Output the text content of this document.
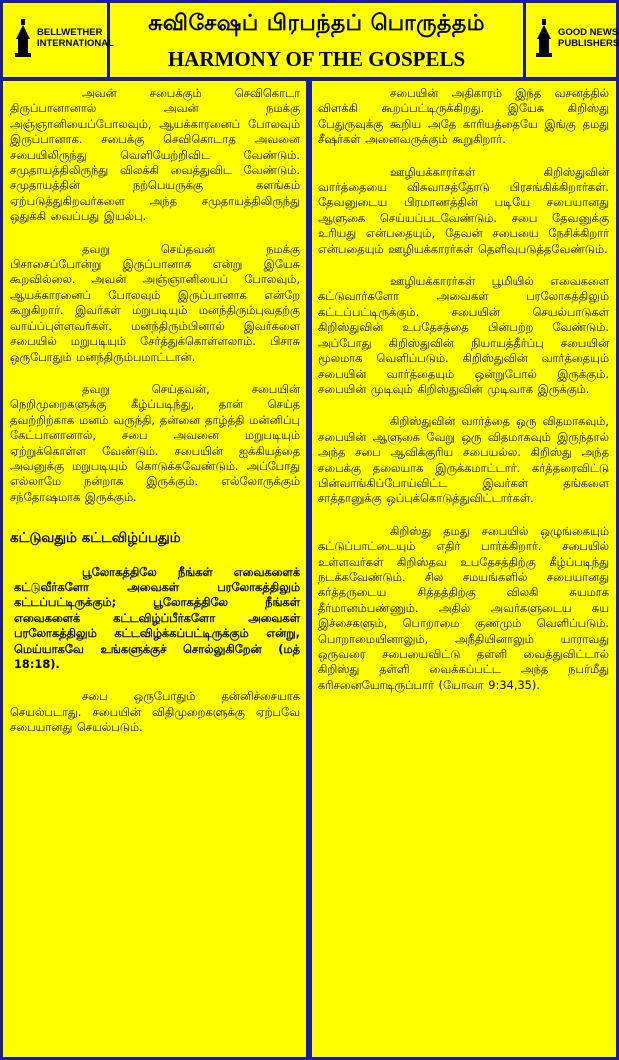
BELLWETHER
INTERNATIONAL
சுவிசேஷப் பிரபந்தப் பொருத்தம்
HARMONY OF THE GOSPELS
GOOD NEWS
PUBLISHERS

அவன் சபைக்கும் செவிகொடா திருப்பானானால் அவன் நமக்கு அஞ்ஞானியைப்போலவும், ஆயக்காரனைப் போலவும் இருப்பானாக. சபைக்கு செவிகொடாத அவனை சபையிலிருந்து வெளியேற்றிவிட வேண்டும். சமுதாயத்திலிருந்து விலக்கி வைத்துவிட வேண்டும். சமுதாயத்தின் நற்பெயருக்கு களங்கம் ஏற்படுத்துகிறவர்களை அந்த சமுதாயத்திலிருந்து ஒதுக்கி வைப்பது இயல்பு.

தவறு செய்தவன் நமக்கு பிசாசைப்போன்று இருப்பானாக என்று இயேசு கூறவில்லை. அவன் அஞ்ஞானியைப் போலவும், ஆயக்காரனைப் போலவும் இருப்பானாக என்றே கூறுகிறார். இவர்கள் மறுபடியும் மனந்திரும்புவதற்கு வாய்ப்புள்ளவர்கள். மனந்திரும்பினால் இவர்களை சபையில் மறுபடியும் சேர்த்துக்கொள்ளலாம். பிசாசு ஒருபோதும் மனந்திரும்பமாட்டான்.

தவறு செய்தவன், சபையின் நெறிமுறைகளுக்கு கீழ்ப்படிந்து, தான் செய்த தவற்றிற்காக மனம் வருந்தி, தன்னை தாழ்த்தி மன்னிப்பு கேட்பானானால், சபை அவனை மறுபடியும் ஏற்றுக்கொள்ள வேண்டும். சபையின் ஐக்கியத்தை அவனுக்கு மறுபடியும் கொடுக்கவேண்டும். அப்போது எல்லாமே நன்றாக இருக்கும். எல்லோருக்கும் சந்தோஷமாக இருக்கும்.

கட்டுவதும் கட்டவிழ்ப்பதும்

பூலோகத்திலே நீங்கள் எவைகளைக் கட்டுவீர்களோ அவைகள் பரலோகத்திலும் கட்டப்பட்டிருக்கும்; பூலோகத்திலே நீங்கள் எவைகளைக் கட்டவிழ்ப்பீர்களோ அவைகள் பரலோகத்திலும் கட்டவிழ்க்கப்பட்டிருக்கும் என்று, மெய்யாகவே உங்களுக்குச் சொல்லுகிறேன் (மத் 18:18).

சபை ஒருபோதும் தன்னிச்சையாக செயல்படாது. சபையின் விதிமுறைகளுக்கு ஏற்பவே சபையானது செயல்படும்.

சபையின் அதிகாரம் இந்த வசனத்தில் விளக்கி கூறப்பட்டிருக்கிறது. இயேசு கிறிஸ்து பேதுருவுக்கு கூறிய அதே காரியத்தையே இங்கு தமது சீஷர்கள் அனைவருக்கும் கூறுகிறார்.

ஊழியக்காரர்கள் கிறிஸ்துவின் வார்த்தையை விசுவாசத்தோடு பிரசங்கிக்கிறார்கள். தேவனுடைய பிரமாணத்தின் படியே சபையானது ஆளுகை செய்யப்படவேண்டும். சபை தேவனுக்கு உரியது என்பதையும், தேவன் சபையை நேசிக்கிறார் என்பதையும் ஊழியக்காரர்கள் தெளிவுபடுத்தவேண்டும்.

ஊழியக்காரர்கள் பூமியில் எவைகளை கட்டுவார்களோ அவைகள் பரலோகத்திலும் கட்டப்பட்டிருக்கும். சபையின் செயல்பாடுகள் கிறிஸ்துவின் உபதேசத்தை பின்பற்ற வேண்டும். அப்போது கிறிஸ்துவின் நியாயத்தீர்ப்பு சபையின் மூலமாக வெளிப்படும். கிறிஸ்துவின் வார்த்தையும் சபையின் வார்த்தையும் ஒன்றுபோல் இருக்கும். சபையின் முடிவும் கிறிஸ்துவின் முடிவாக இருக்கும்.

கிறிஸ்துவின் வார்த்தை ஒரு விதமாகவும், சபையின் ஆளுகை வேறு ஒரு விதமாகவும் இருந்தால் அந்த சபை ஆவிக்குரிய சபையல்ல. கிறிஸ்து அந்த சபைக்கு தலையாக இருக்கமாட்டார். கர்த்தரைவிட்டு பின்வாங்கிப்போய்விட்ட இவர்கள் தங்களை சாத்தானுக்கு ஒப்புக்கொடுத்துவிட்டார்கள்.

கிறிஸ்து தமது சபையில் ஒழுங்கையும் கட்டுப்பாட்டையும் எதிர் பார்க்கிறார். சபையில் உள்ளவர்கள் கிறிஸ்தவ உபதேசத்திற்கு கீழ்ப்படிந்து நடக்கவேண்டும். சில சமயங்களில் சபையானது கர்த்தருடைய சித்தத்திற்கு விலகி சுயமாக தீர்மானம்பண்ணும். அதில் அவர்களுடைய சுய இச்சைகளும், பொறாமை குணமும் வெளிப்படும். பொறாமையினாலும், அநீதியினாலும் யாராவது ஒருவரை சபையைவிட்டு தள்ளி வைத்துவிட்டால் கிறிஸ்து தள்ளி வைக்கப்பட்ட அந்த நபர்மீது கரிசனையோடிருப்பார் (யோவா 9:34,35).
